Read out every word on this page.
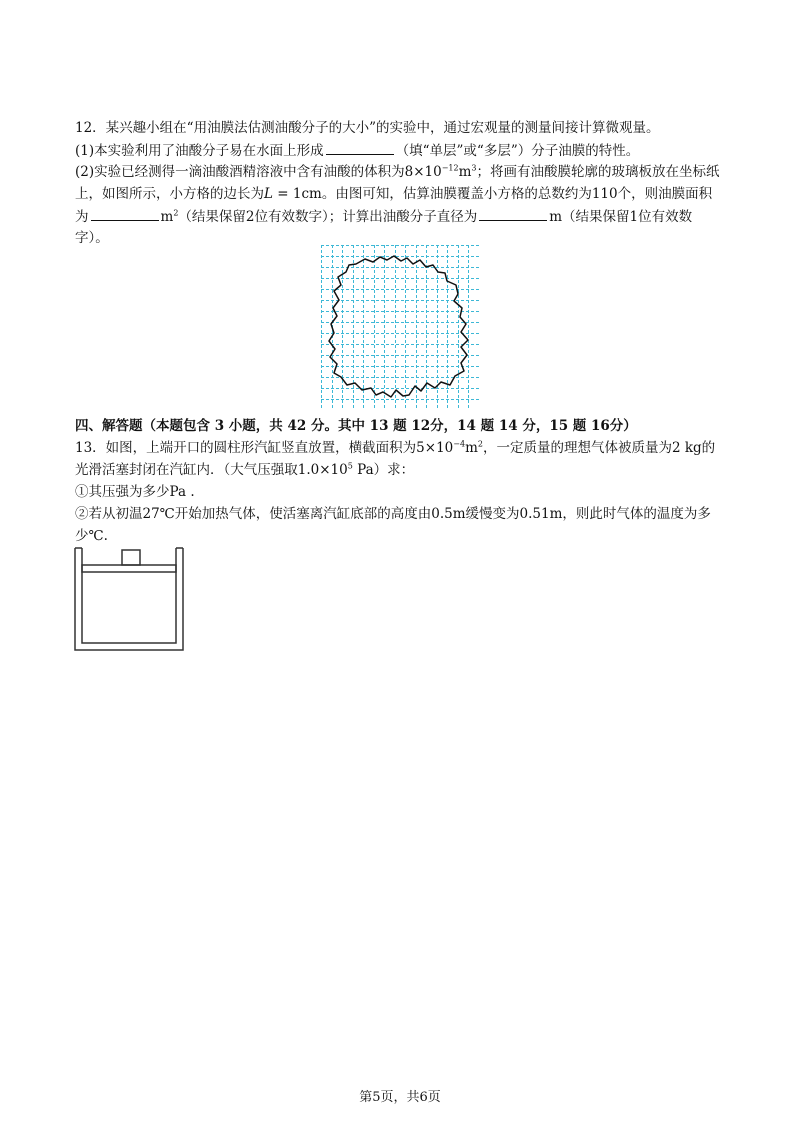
12．某兴趣小组在“用油膜法估测油酸分子的大小”的实验中，通过宏观量的测量间接计算微观量。
(1)本实验利用了油酸分子易在水面上形成	（填“单层”或“多层”）分子油膜的特性。
(2)实验已经测得一滴油酸酒精溶液中含有油酸的体积为$8\times 10^{-12}m^3$；将画有油酸膜轮廓的玻璃板放在坐标纸
上，如图所示，小方格的边长为L = 1cm。由图可知，估算油膜覆盖小方格的总数约为110个，则油膜面积
为	$m^2$（结果保留2位有效数字）；计算出油酸分子直径为	m（结果保留1位有效数
字）。
四、解答题（本题包含 3 小题，共 42 分。其中 13 题 12分，14 题 14 分，15 题 16分）
13．如图，上端开口的圆柱形汽缸竖直放置，横截面积为$5\times 10^{-4}m^2$，一定质量的理想气体被质量为2 kg的
光滑活塞封闭在汽缸内．（大气压强取$1.0\times 10^5$ Pa）求：
①其压强为多少Pa .
②若从初温27℃开始加热气体，使活塞离汽缸底部的高度由0.5m缓慢变为0.51m，则此时气体的温度为多
少℃.
第5页，共6页
